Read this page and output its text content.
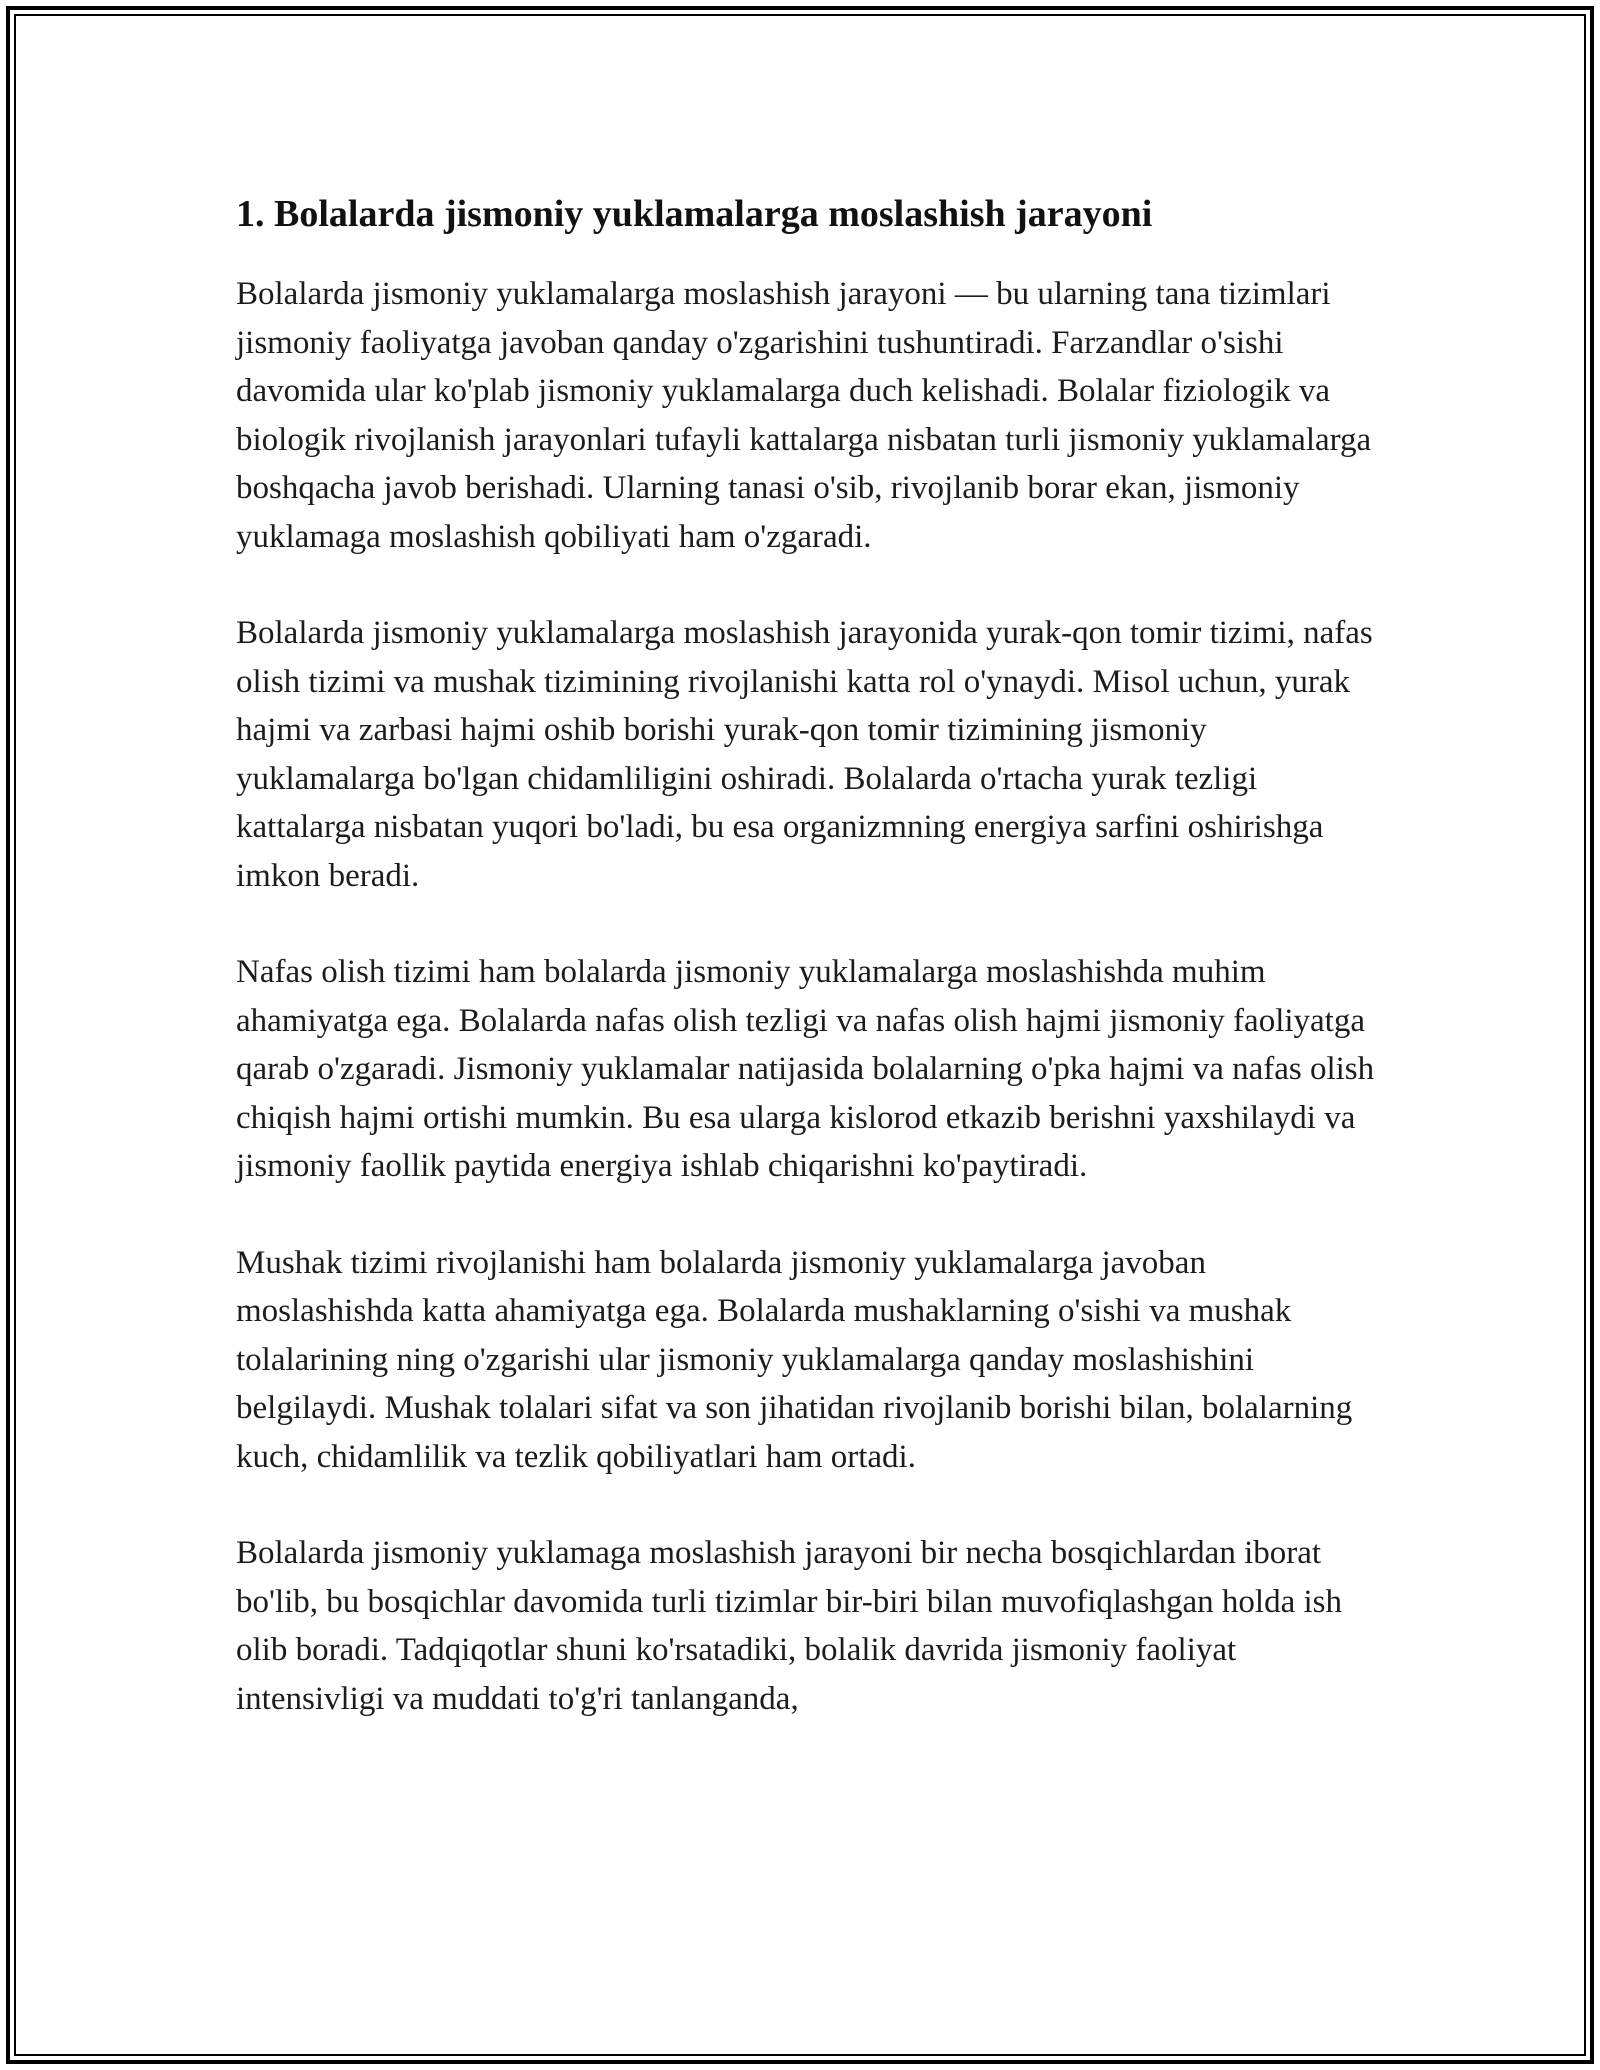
1. Bolalarda jismoniy yuklamalarga moslashish jarayoni

Bolalarda jismoniy yuklamalarga moslashish jarayoni — bu ularning tana tizimlari jismoniy faoliyatga javoban qanday o'zgarishini tushuntiradi. Farzandlar o'sishi davomida ular ko'plab jismoniy yuklamalarga duch kelishadi. Bolalar fiziologik va biologik rivojlanish jarayonlari tufayli kattalarga nisbatan turli jismoniy yuklamalarga boshqacha javob berishadi. Ularning tanasi o'sib, rivojlanib borar ekan, jismoniy yuklamaga moslashish qobiliyati ham o'zgaradi.

Bolalarda jismoniy yuklamalarga moslashish jarayonida yurak-qon tomir tizimi, nafas olish tizimi va mushak tizimining rivojlanishi katta rol o'ynaydi. Misol uchun, yurak hajmi va zarbasi hajmi oshib borishi yurak-qon tomir tizimining jismoniy yuklamalarga bo'lgan chidamliligini oshiradi. Bolalarda o'rtacha yurak tezligi kattalarga nisbatan yuqori bo'ladi, bu esa organizmning energiya sarfini oshirishga imkon beradi.

Nafas olish tizimi ham bolalarda jismoniy yuklamalarga moslashishda muhim ahamiyatga ega. Bolalarda nafas olish tezligi va nafas olish hajmi jismoniy faoliyatga qarab o'zgaradi. Jismoniy yuklamalar natijasida bolalarning o'pka hajmi va nafas olish chiqish hajmi ortishi mumkin. Bu esa ularga kislorod etkazib berishni yaxshilaydi va jismoniy faollik paytida energiya ishlab chiqarishni ko'paytiradi.

Mushak tizimi rivojlanishi ham bolalarda jismoniy yuklamalarga javoban moslashishda katta ahamiyatga ega. Bolalarda mushaklarning o'sishi va mushak tolalarining ning o'zgarishi ular jismoniy yuklamalarga qanday moslashishini belgilaydi. Mushak tolalari sifat va son jihatidan rivojlanib borishi bilan, bolalarning kuch, chidamlilik va tezlik qobiliyatlari ham ortadi.

Bolalarda jismoniy yuklamaga moslashish jarayoni bir necha bosqichlardan iborat bo'lib, bu bosqichlar davomida turli tizimlar bir-biri bilan muvofiqlashgan holda ish olib boradi. Tadqiqotlar shuni ko'rsatadiki, bolalik davrida jismoniy faoliyat intensivligi va muddati to'g'ri tanlanganda,
